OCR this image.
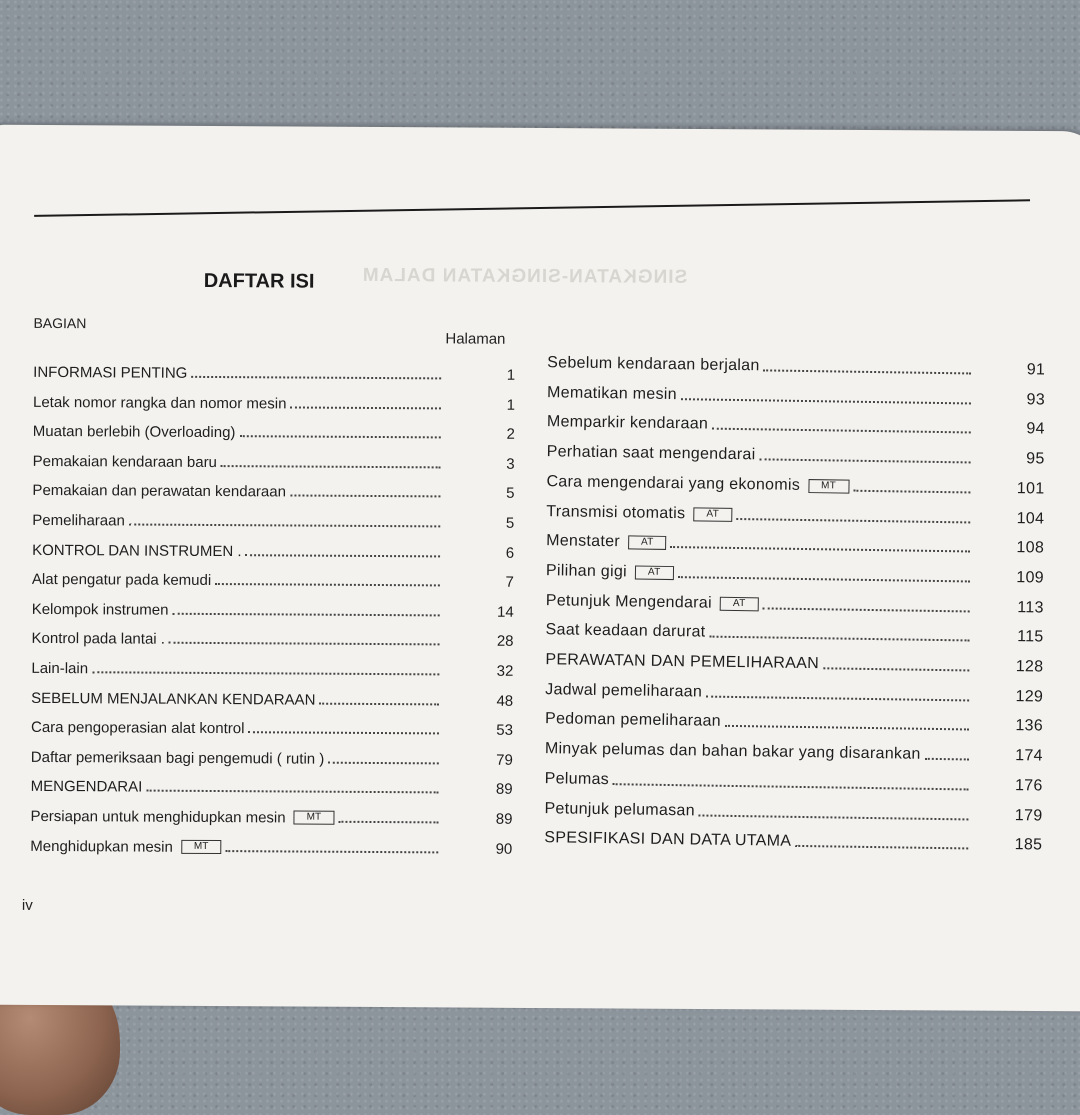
SINGKATAN-SINGKATAN DALAM
DAFTAR ISI
BAGIAN
Halaman
INFORMASI PENTING	1
Letak nomor rangka dan nomor mesin	1
Muatan berlebih (Overloading)	2
Pemakaian kendaraan baru	3
Pemakaian dan perawatan kendaraan	5
Pemeliharaan	5
KONTROL DAN INSTRUMEN .	6
Alat pengatur pada kemudi	7
Kelompok instrumen	14
Kontrol pada lantai .	28
Lain-lain	32
SEBELUM MENJALANKAN KENDARAAN	48
Cara pengoperasian alat kontrol	53
Daftar pemeriksaan bagi pengemudi ( rutin )	79
MENGENDARAI	89
Persiapan untuk menghidupkan mesin	MT	89
Menghidupkan mesin	MT	90
Sebelum kendaraan berjalan	91
Mematikan mesin	93
Memparkir kendaraan	94
Perhatian saat mengendarai	95
Cara mengendarai yang ekonomis	MT	101
Transmisi otomatis	AT	104
Menstater	AT	108
Pilihan gigi	AT	109
Petunjuk Mengendarai	AT	113
Saat keadaan darurat	115
PERAWATAN DAN PEMELIHARAAN	128
Jadwal pemeliharaan	129
Pedoman pemeliharaan	136
Minyak pelumas dan bahan bakar yang disarankan	174
Pelumas	176
Petunjuk pelumasan	179
SPESIFIKASI DAN DATA UTAMA	185
iv
